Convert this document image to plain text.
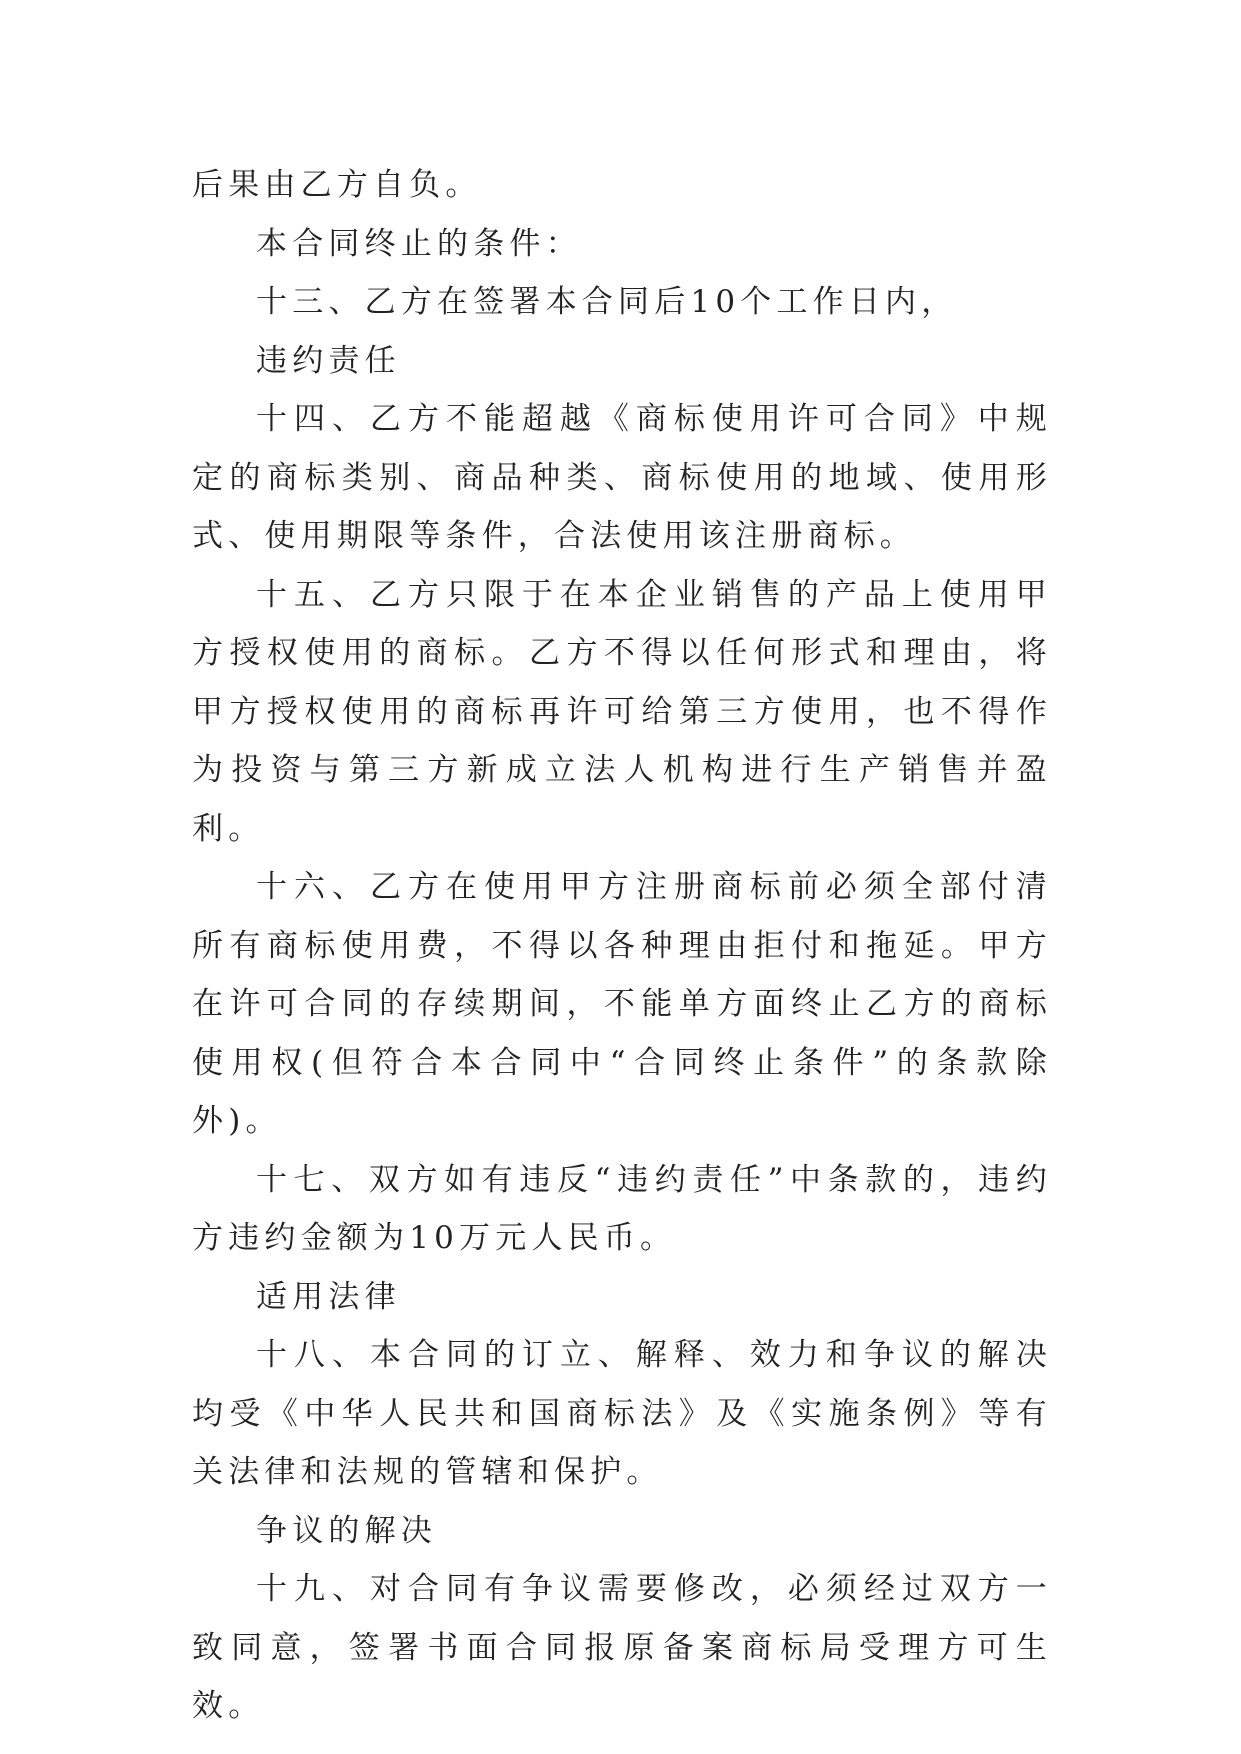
后果由乙方自负。

本合同终止的条件：

十三、乙方在签署本合同后10个工作日内，

违约责任

十四、乙方不能超越《商标使用许可合同》中规定的商标类别、商品种类、商标使用的地域、使用形式、使用期限等条件，合法使用该注册商标。

十五、乙方只限于在本企业销售的产品上使用甲方授权使用的商标。乙方不得以任何形式和理由，将甲方授权使用的商标再许可给第三方使用，也不得作为投资与第三方新成立法人机构进行生产销售并盈利。

十六、乙方在使用甲方注册商标前必须全部付清所有商标使用费，不得以各种理由拒付和拖延。甲方在许可合同的存续期间，不能单方面终止乙方的商标使用权(但符合本合同中“合同终止条件”的条款除外)。

十七、双方如有违反“违约责任”中条款的，违约方违约金额为10万元人民币。

适用法律

十八、本合同的订立、解释、效力和争议的解决均受《中华人民共和国商标法》及《实施条例》等有关法律和法规的管辖和保护。

争议的解决

十九、对合同有争议需要修改，必须经过双方一致同意，签署书面合同报原备案商标局受理方可生效。
